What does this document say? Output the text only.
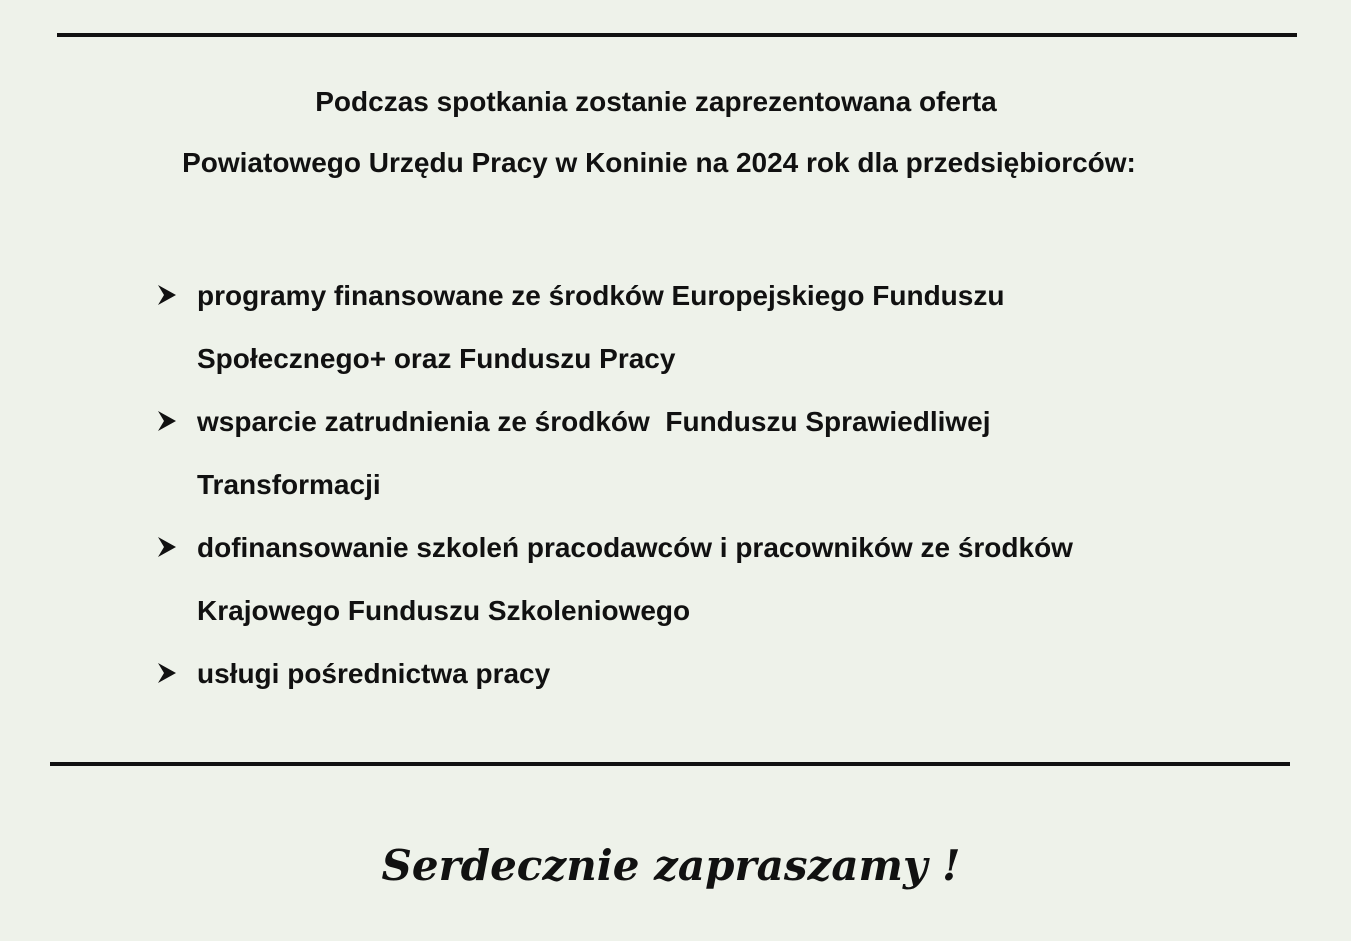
Podczas spotkania zostanie zaprezentowana oferta
Powiatowego Urzędu Pracy w Koninie na 2024 rok dla przedsiębiorców:
programy finansowane ze środków Europejskiego Funduszu
Społecznego+ oraz Funduszu Pracy
wsparcie zatrudnienia ze środków  Funduszu Sprawiedliwej
Transformacji
dofinansowanie szkoleń pracodawców i pracowników ze środków
Krajowego Funduszu Szkoleniowego
usługi pośrednictwa pracy
Serdecznie zapraszamy !
